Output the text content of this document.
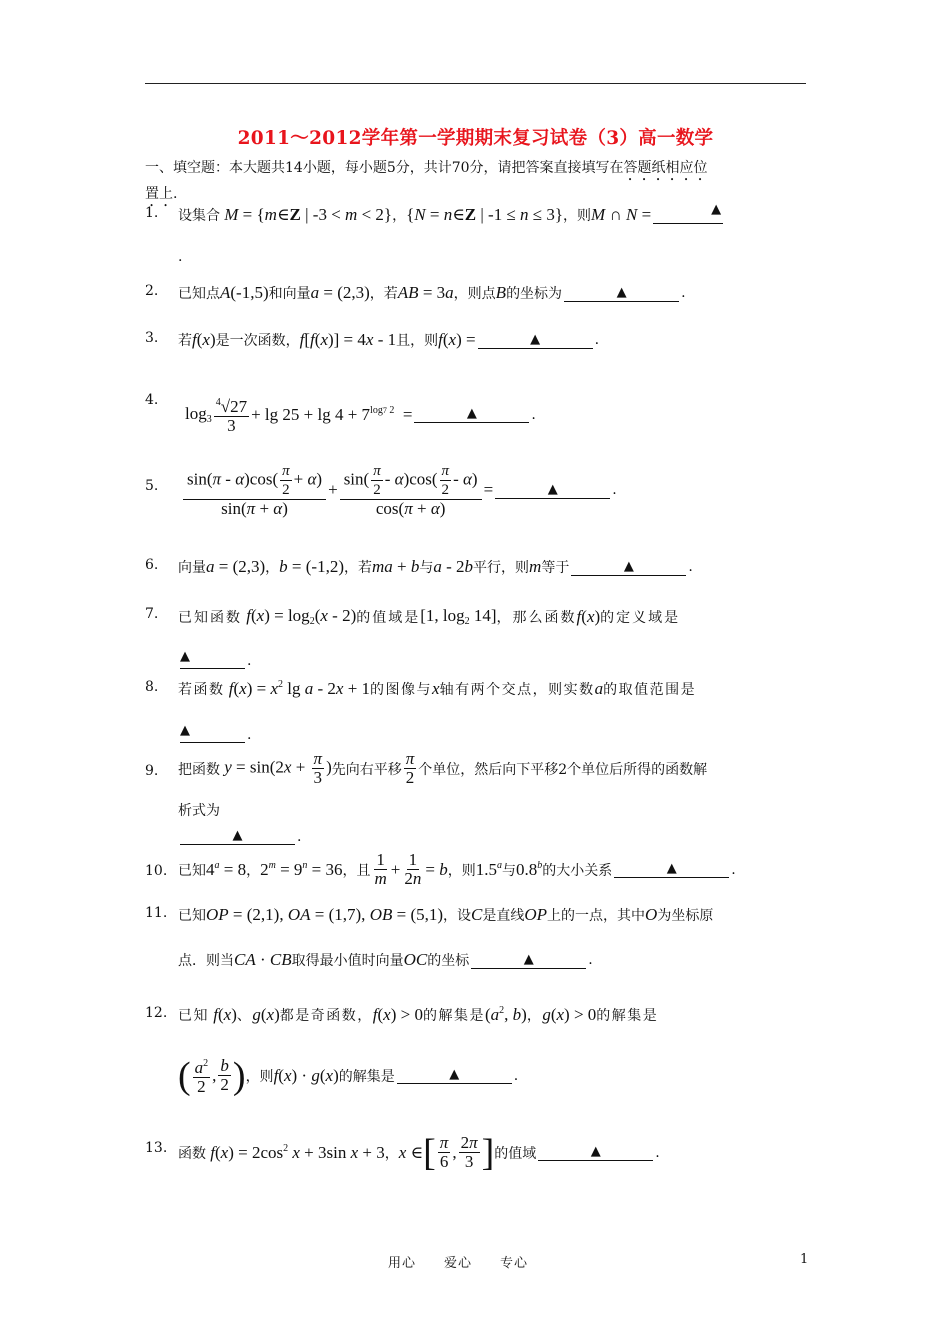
2011～2012学年第一学期期末复习试卷（3）高一数学
一、填空题：本大题共14小题，每小题5分，共计70分，请把答案直接填写在答题纸相应位
置上.
1. 设集合 M = {m∈Z | -3 < m < 2} ， {N = n∈Z | -1 ≤ n ≤ 3} ，则 M ∩ N =	▲
.
2. 已知点 A(-1,5) 和向量 a = (2,3) ，若 AB = 3a ，则点 B 的坐标为	▲	.
3. 若 f(x) 是一次函数， f[f(x)] = 4x - 1 且，则 f(x) =	▲	.
4.
$\log_3 \frac{^4√27}{3} + \lg 25 + \lg 4 + 7^{log7 2}$  =	▲	.
5. $\frac{\sin(\pi - \alpha)\cos( \frac{\pi}{2} + \alpha)}{\sin(\pi + \alpha)} + \frac{\sin( \frac{\pi}{2} - \alpha)\cos( \frac{\pi}{2} - \alpha)}{\cos(\pi + \alpha)}$ =	▲	.
6. 向量 a = (2,3) ， b = (-1,2) ，若 ma + b 与 a - 2b 平行，则 m 等于	▲	.
7. 已知函数 $f(x) = \log_2(x - 2)$ 的值域是 [1, $\log_2 14$] ，那么函数 f(x) 的定义域是
▲	.
8. 若函数 $f(x) = x^2$ lg a - 2x + 1 的图像与 x 轴有两个交点，则实数 a 的取值范围是
▲	.
9. 把函数 $y = \sin(2x + \frac{\pi}{3}$ ) 先向右平移 $\frac{\pi}{2}$ 个单位，然后向下平移2个单位后所得的函数解
析式为
▲	.
10. 已知 $4^a = 8$ ， $2^m = 9^n = 36$ ，且 $\frac{1}{m} + \frac{1}{2n} = b$ ，则 1.5$^a$ 与 0.8$^b$ 的大小关系	▲	.
11. 已知 OP = (2,1), OA = (1,7), OB = (5,1) ，设 C 是直线 OP 上的一点，其中 O 为坐标原
点．则当 CA · CB 取得最小值时向量 OC 的坐标	▲	.
12. 已知 f(x) 、 g(x) 都是奇函数， f(x) > 0 的解集是 ($a^2$, b) ， g(x) > 0 的解集是
( $\frac{a^2}{2}$ , $\frac{b}{2}$ ) ，则 f(x) · g(x) 的解集是	▲	.
13. 函数 $f(x) = 2\cos^2$ x + 3sin x + 3 ， x ∈ [ $\frac{\pi}{6}$ , $\frac{2\pi}{3}$ ] 的值域	▲	.
用心　　爱心　　专心	1
